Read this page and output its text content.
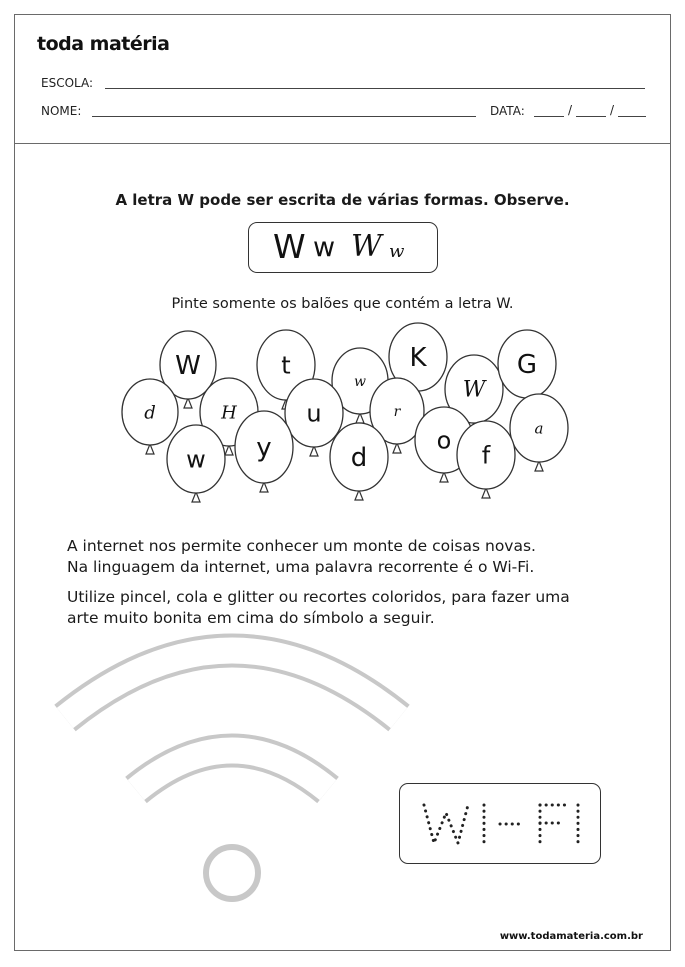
toda matéria
ESCOLA:
NOME:	DATA:	/	/
A letra W pode ser escrita de várias formas. Observe.
W w W w
Pinte somente os balões que contém a letra W.

A internet nos permite conhecer um monte de coisas novas.

Na linguagem da internet, uma palavra recorrente é o Wi-Fi.

Utilize pincel, cola e glitter ou recortes coloridos, para fazer uma

arte muito bonita em cima do símbolo a seguir.

www.todamateria.com.br
W	t
w
K
W
G
d	H	u	r
a
y	o
w	d	f
